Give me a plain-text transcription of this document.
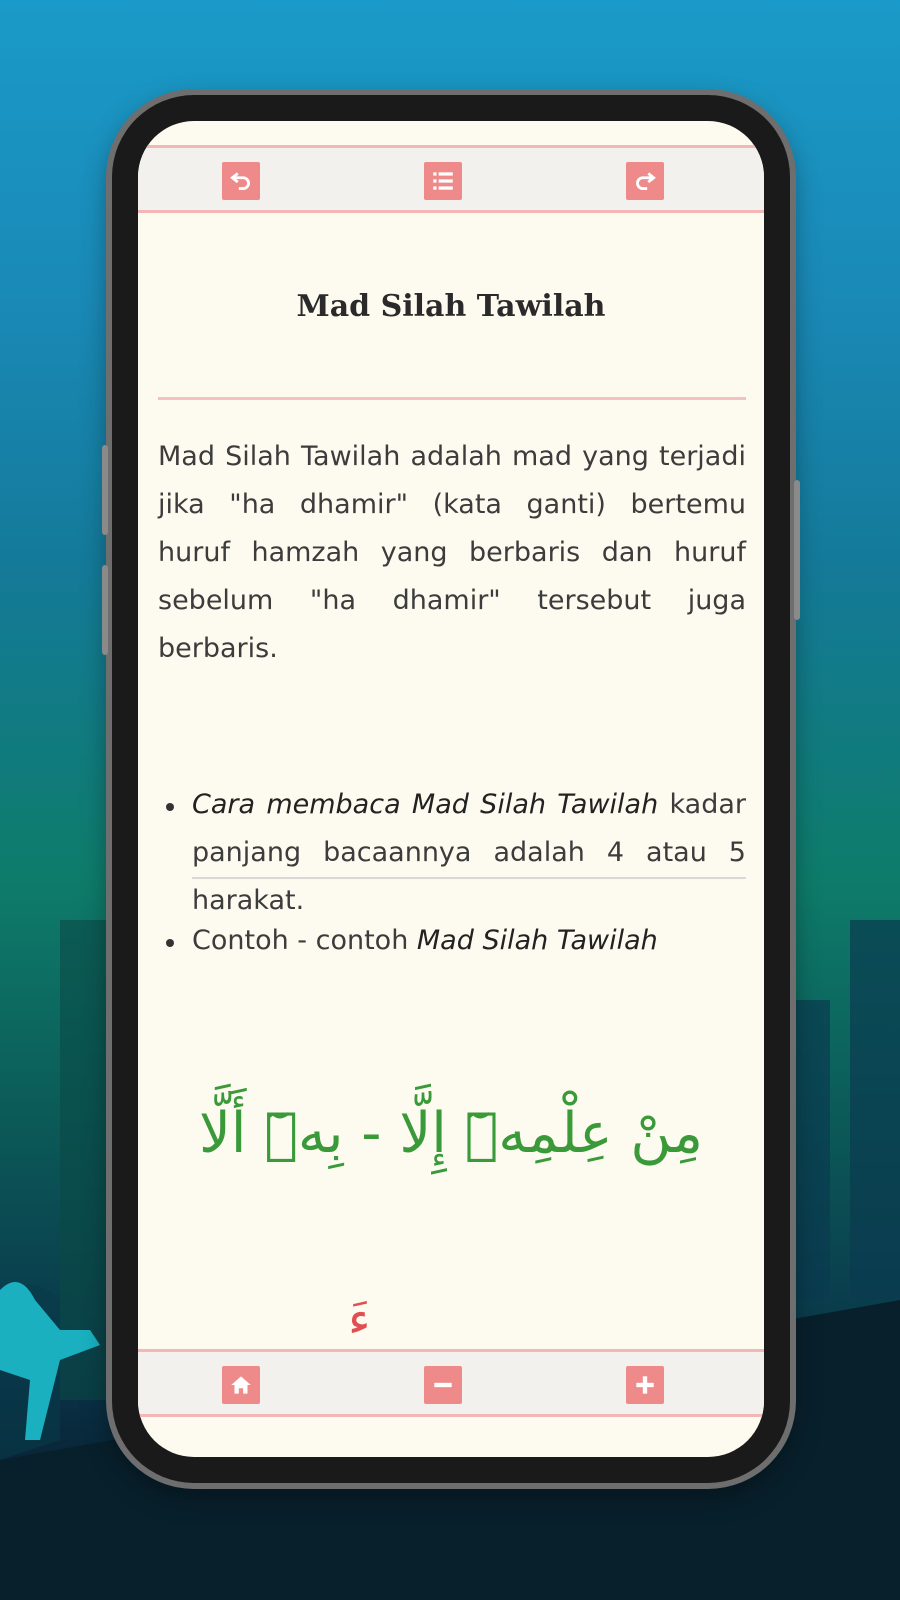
Mad Silah Tawilah
Mad Silah Tawilah adalah mad yang terjadi jika "ha dhamir" (kata ganti) bertemu huruf hamzah yang berbaris dan huruf sebelum "ha dhamir" tersebut juga berbaris.
Cara membaca Mad Silah Tawilah kadar panjang bacaannya adalah 4 atau 5 harakat.
Contoh - contoh Mad Silah Tawilah
مِنْ عِلْمِهٖٓ إِلَّا - بِهٖٓ أَلَّا
ءَ
